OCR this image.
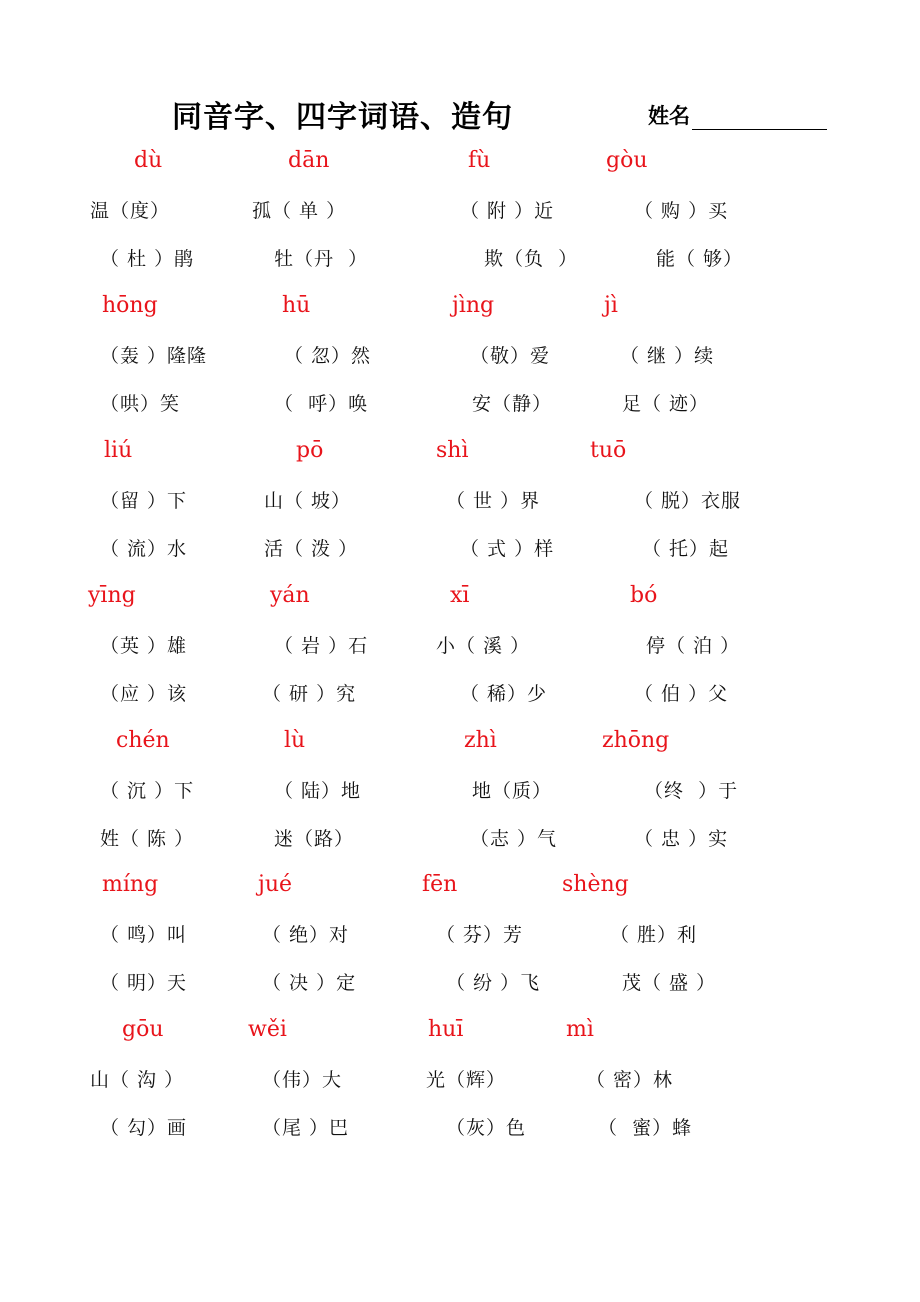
同音字、四字词语、造句	姓名
dù	dān	fù	gòu
温（度）	孤（ 单 ）	（ 附 ）近	（ 购 ）买
（ 杜 ）鹃	牡（丹  ）	欺（负  ）	能（ 够）
hōng	hū	jìng	jì
（轰 ）隆隆	（ 忽）然	（敬）爱	（ 继 ）续
（哄）笑	（  呼）唤	安（静）	足（ 迹）
liú	pō	shì	tuō
（留 ）下	山（ 坡）	（ 世 ）界	（ 脱）衣服
（ 流）水	活（ 泼 ）	（ 式 ）样	（ 托）起
yīng	yán	xī	bó
（英 ）雄	（ 岩 ）石	小（ 溪 ）	停（ 泊 ）
（应 ）该	（ 研 ）究	（ 稀）少	（ 伯 ）父
chén	lù	zhì	zhōng
（ 沉 ）下	（ 陆）地	地（质）	（终  ）于
姓（ 陈 ）	迷（路）	（志 ）气	（ 忠 ）实
míng	jué	fēn	shèng
（ 鸣）叫	（ 绝）对	（ 芬）芳	（ 胜）利
（ 明）天	（ 决 ）定	（ 纷 ）飞	茂（ 盛 ）
gōu	wěi	huī	mì
山（ 沟 ）	（伟）大	光（辉）	（ 密）林
（ 勾）画	（尾 ）巴	（灰）色	（  蜜）蜂
